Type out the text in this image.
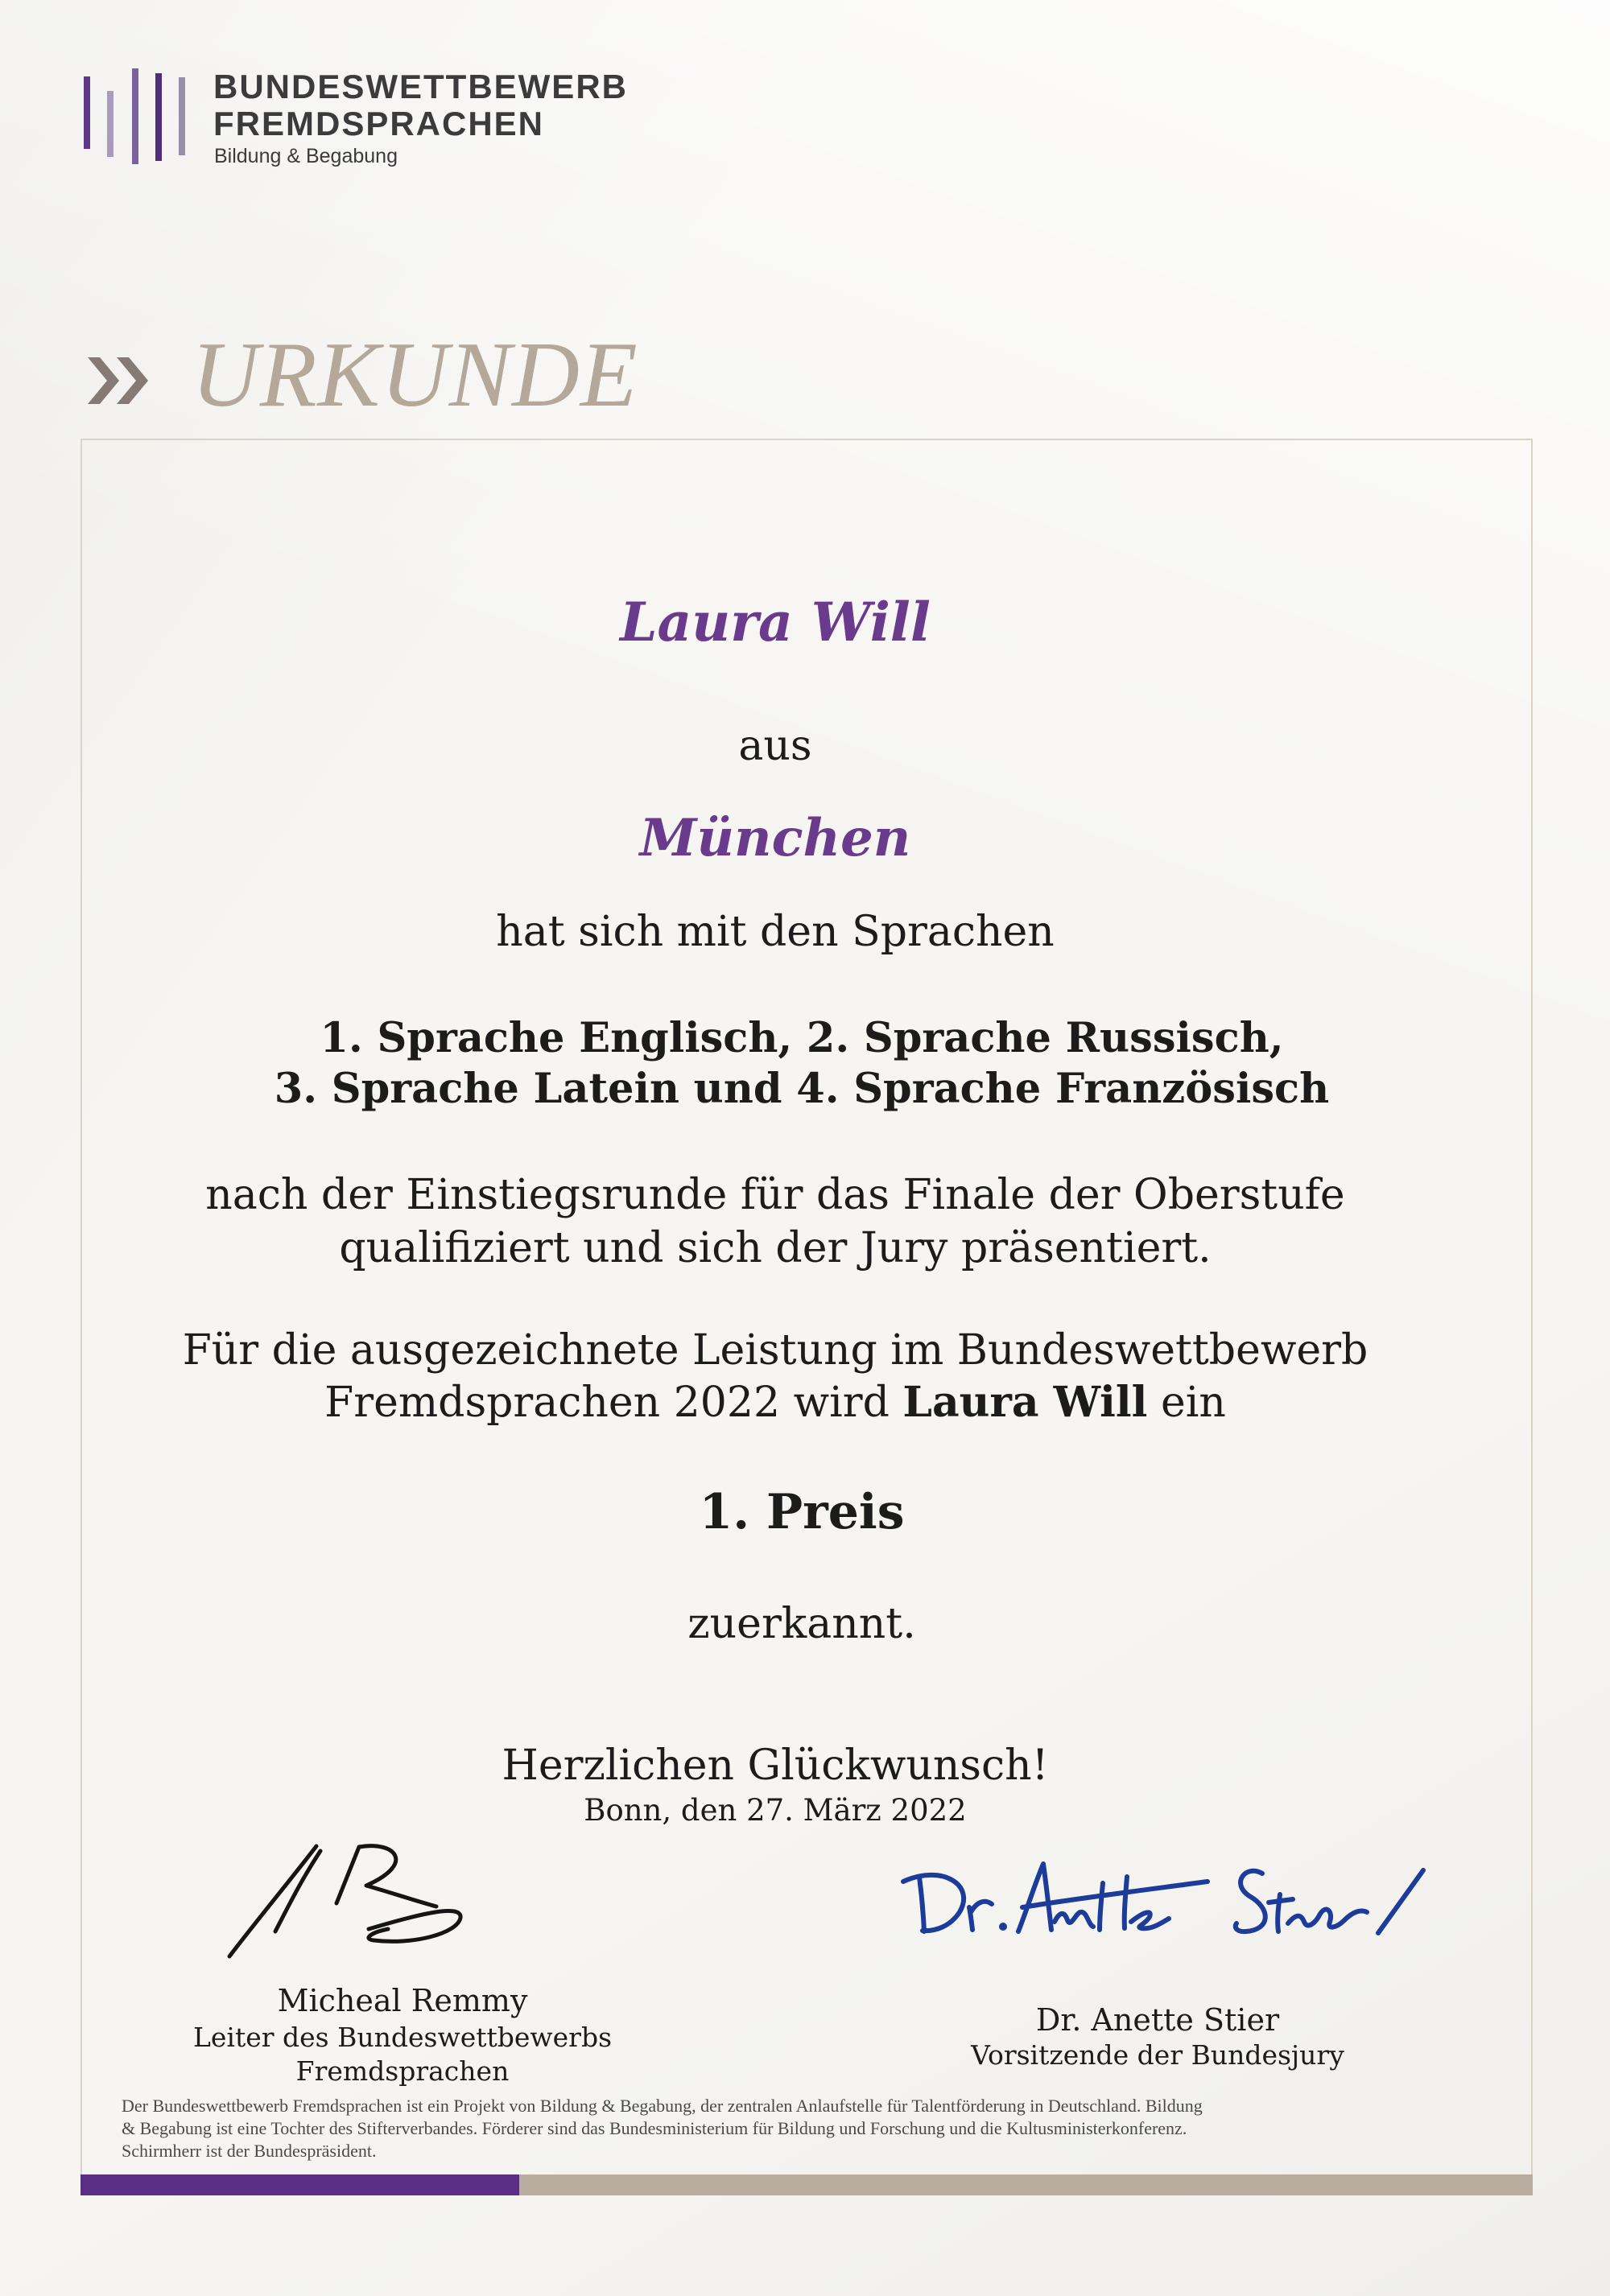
BUNDESWETTBEWERB
FREMDSPRACHEN
Bildung & Begabung
URKUNDE
Laura Will
aus
München
hat sich mit den Sprachen
1. Sprache Englisch, 2. Sprache Russisch,
3. Sprache Latein und 4. Sprache Französisch
nach der Einstiegsrunde für das Finale der Oberstufe
qualifiziert und sich der Jury präsentiert.
Für die ausgezeichnete Leistung im Bundeswettbewerb
Fremdsprachen 2022 wird Laura Will ein
1. Preis
zuerkannt.
Herzlichen Glückwunsch!
Bonn, den 27. März 2022
Micheal Remmy
Leiter des Bundeswettbewerbs
Fremdsprachen
Dr. Anette Stier
Vorsitzende der Bundesjury
Der Bundeswettbewerb Fremdsprachen ist ein Projekt von Bildung & Begabung, der zentralen Anlaufstelle für Talentförderung in Deutschland. Bildung
& Begabung ist eine Tochter des Stifterverbandes. Förderer sind das Bundesministerium für Bildung und Forschung und die Kultusministerkonferenz.
Schirmherr ist der Bundespräsident.
